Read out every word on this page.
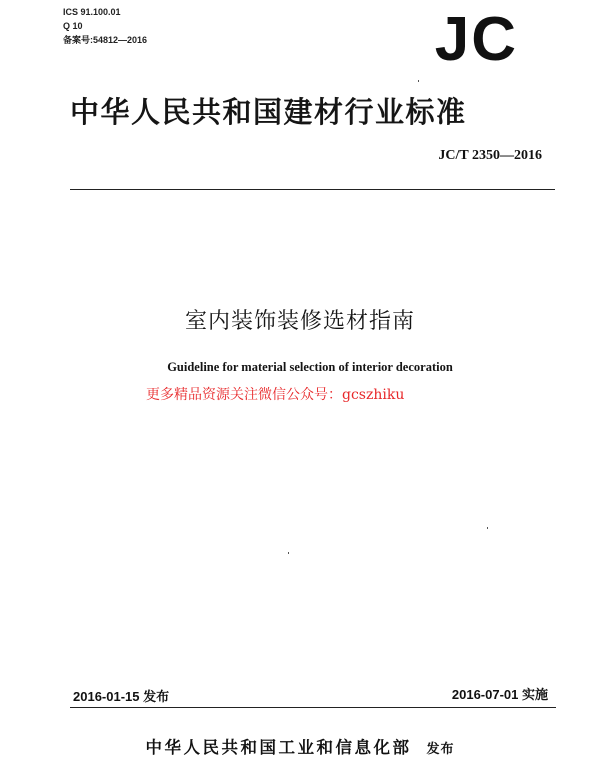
ICS 91.100.01
Q 10
备案号:54812—2016	JC
中华人民共和国建材行业标准
JC/T 2350—2016
室内装饰装修选材指南
Guideline for material selection of interior decoration
更多精品资源关注微信公众号：gcszhiku
2016-01-15 发布	2016-07-01 实施
中华人民共和国工业和信息化部 发布
